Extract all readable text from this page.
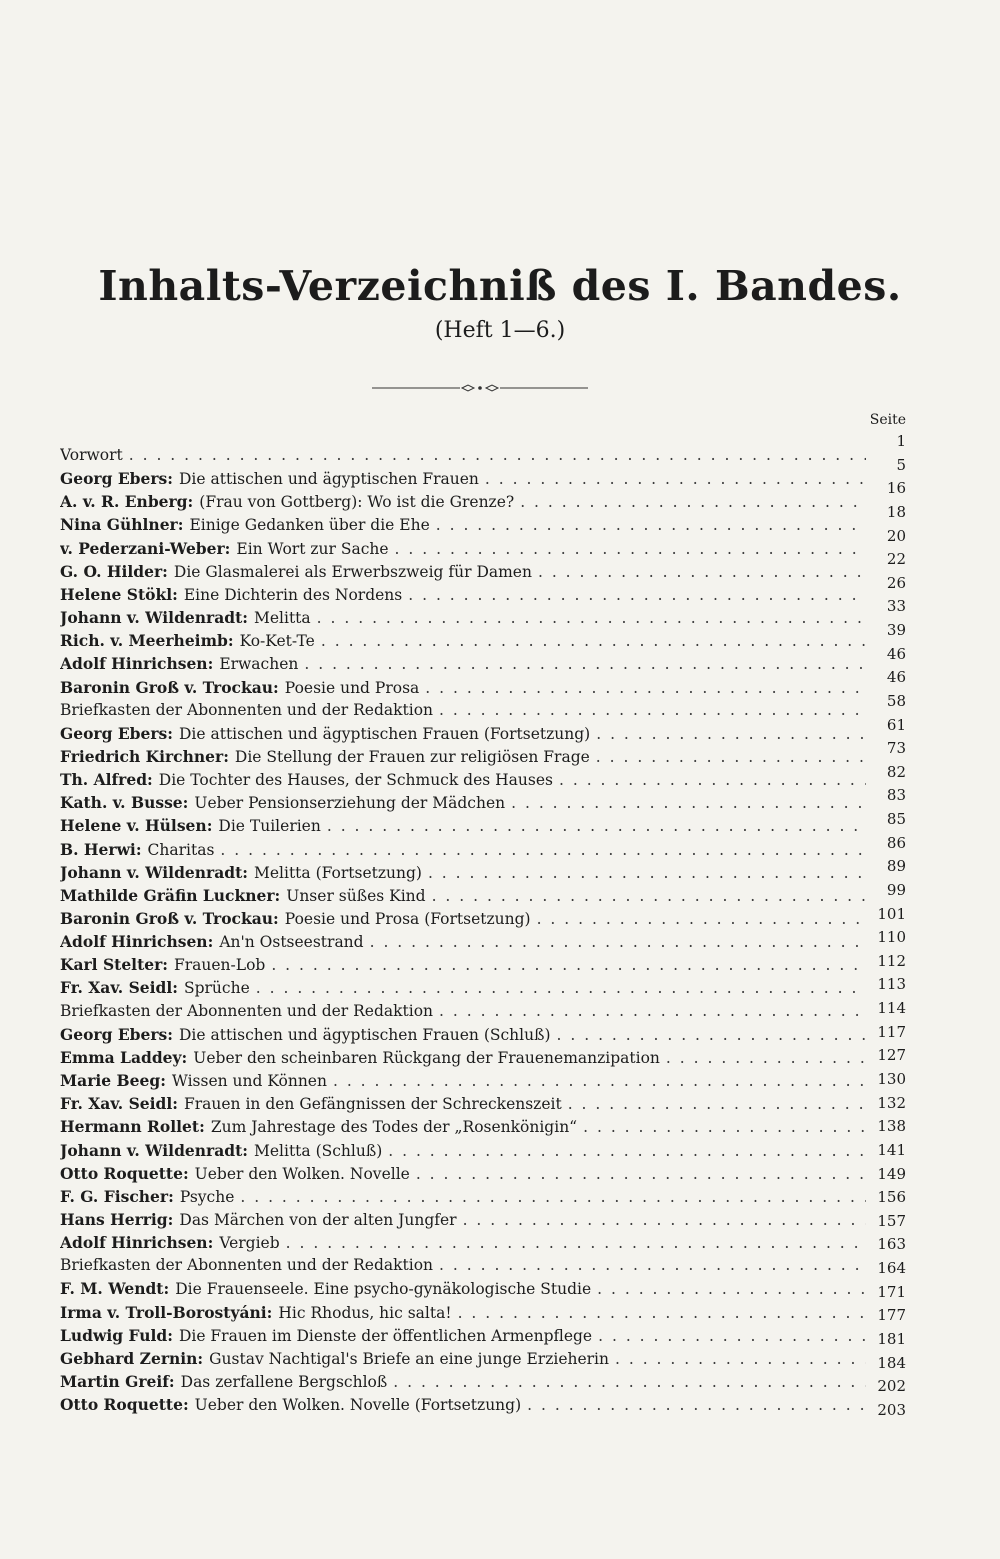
Inhalts-Verzeichniß des I. Bandes.
(Heft 1—6.)
Seite
Vorwort
. . .
Georg Ebers : Die attischen und ägyptischen Frauen
. . .
A. v. R. Enberg : (Frau von Gottberg): Wo ist die Grenze?
. . .
Nina Gühlner : Einige Gedanken über die Ehe
. . .
v. Pederzani-Weber : Ein Wort zur Sache
. . .
G. O. Hilder : Die Glasmalerei als Erwerbszweig für Damen
. . .
Helene Stökl : Eine Dichterin des Nordens
. . .
Johann v. Wildenradt : Melitta
. . .
Rich. v. Meerheimb : Ko-Ket-Te
. . .
Adolf Hinrichsen : Erwachen
. . .
Baronin Groß v. Trockau : Poesie und Prosa
. . .
Briefkasten der Abonnenten und der Redaktion
. . .
Georg Ebers : Die attischen und ägyptischen Frauen (Fortsetzung)
. . .
Friedrich Kirchner : Die Stellung der Frauen zur religiösen Frage
. . .
Th. Alfred : Die Tochter des Hauses, der Schmuck des Hauses
. . .
Kath. v. Busse : Ueber Pensionserziehung der Mädchen
. . .
Helene v. Hülsen : Die Tuilerien
. . .
B. Herwi : Charitas
. . .
Johann v. Wildenradt : Melitta (Fortsetzung)
. . .
Mathilde Gräfin Luckner : Unser süßes Kind
. . .
Baronin Groß v. Trockau : Poesie und Prosa (Fortsetzung)
. . .
Adolf Hinrichsen : An'n Ostseestrand
. . .
Karl Stelter : Frauen-Lob
. . .
Fr. Xav. Seidl : Sprüche
. . .
Briefkasten der Abonnenten und der Redaktion
. . .
Georg Ebers : Die attischen und ägyptischen Frauen (Schluß)
. . .
Emma Laddey : Ueber den scheinbaren Rückgang der Frauenemanzipation
. . .
Marie Beeg : Wissen und Können
. . .
Fr. Xav. Seidl : Frauen in den Gefängnissen der Schreckenszeit
. . .
Hermann Rollet : Zum Jahrestage des Todes der „Rosenkönigin“
. . .
Johann v. Wildenradt : Melitta (Schluß)
. . .
Otto Roquette : Ueber den Wolken. Novelle
. . .
F. G. Fischer : Psyche
. . .
Hans Herrig : Das Märchen von der alten Jungfer
. . .
Adolf Hinrichsen : Vergieb
. . .
Briefkasten der Abonnenten und der Redaktion
. . .
F. M. Wendt : Die Frauenseele. Eine psycho-gynäkologische Studie
. . .
Irma v. Troll-Borostyáni : Hic Rhodus, hic salta!
. . .
Ludwig Fuld : Die Frauen im Dienste der öffentlichen Armenpflege
. . .
Gebhard Zernin : Gustav Nachtigal's Briefe an eine junge Erzieherin
. . .
Martin Greif : Das zerfallene Bergschloß
. . .
Otto Roquette : Ueber den Wolken. Novelle (Fortsetzung)
. . .
1
5
16
18
20
22
26
33
39
46
46
58
61
73
82
83
85
86
89
99
101
110
112
113
114
117
127
130
132
138
141
149
156
157
163
164
171
177
181
184
202
203
